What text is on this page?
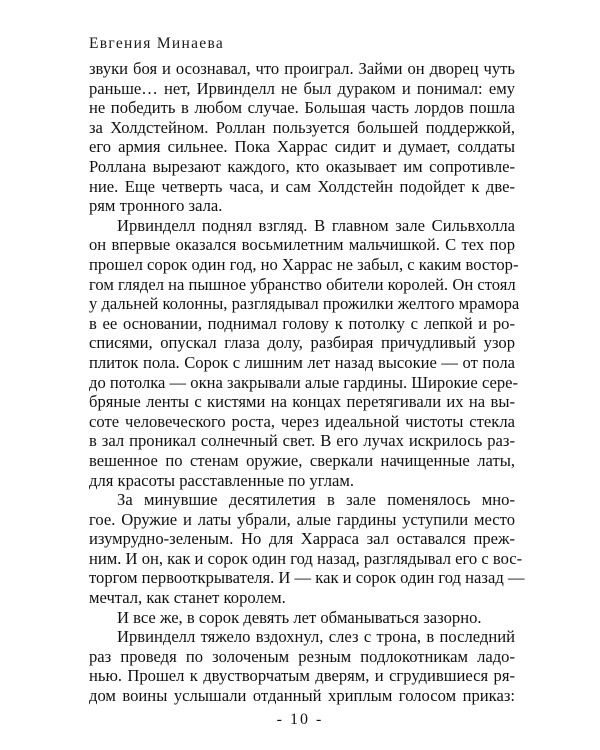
Евгения Минаева
звуки боя и осознавал, что проиграл. Займи он дворец чуть
раньше… нет, Ирвинделл не был дураком и понимал: ему
не победить в любом случае. Большая часть лордов пошла
за Холдстейном. Роллан пользуется большей поддержкой,
его армия сильнее. Пока Харрас сидит и думает, солдаты
Роллана вырезают каждого, кто оказывает им сопротивле-
ние. Еще четверть часа, и сам Холдстейн подойдет к две-
рям тронного зала.
Ирвинделл поднял взгляд. В главном зале Сильвхолла
он впервые оказался восьмилетним мальчишкой. С тех пор
прошел сорок один год, но Харрас не забыл, с каким востор-
гом глядел на пышное убранство обители королей. Он стоял
у дальней колонны, разглядывал прожилки желтого мрамора
в ее основании, поднимал голову к потолку с лепкой и ро-
списями, опускал глаза долу, разбирая причудливый узор
плиток пола. Сорок с лишним лет назад высокие — от пола
до потолка — окна закрывали алые гардины. Широкие сере-
бряные ленты с кистями на концах перетягивали их на вы-
соте человеческого роста, через идеальной чистоты стекла
в зал проникал солнечный свет. В его лучах искрилось раз-
вешенное по стенам оружие, сверкали начищенные латы,
для красоты расставленные по углам.
За минувшие десятилетия в зале поменялось мно-
гое. Оружие и латы убрали, алые гардины уступили место
изумрудно-зеленым. Но для Харраса зал оставался преж-
ним. И он, как и сорок один год назад, разглядывал его с вос-
торгом первооткрывателя. И — как и сорок один год назад —
мечтал, как станет королем.
И все же, в сорок девять лет обманываться зазорно.
Ирвинделл тяжело вздохнул, слез с трона, в последний
раз проведя по золоченым резным подлокотникам ладо-
нью. Прошел к двустворчатым дверям, и сгрудившиеся ря-
дом воины услышали отданный хриплым голосом приказ:
- 10 -
